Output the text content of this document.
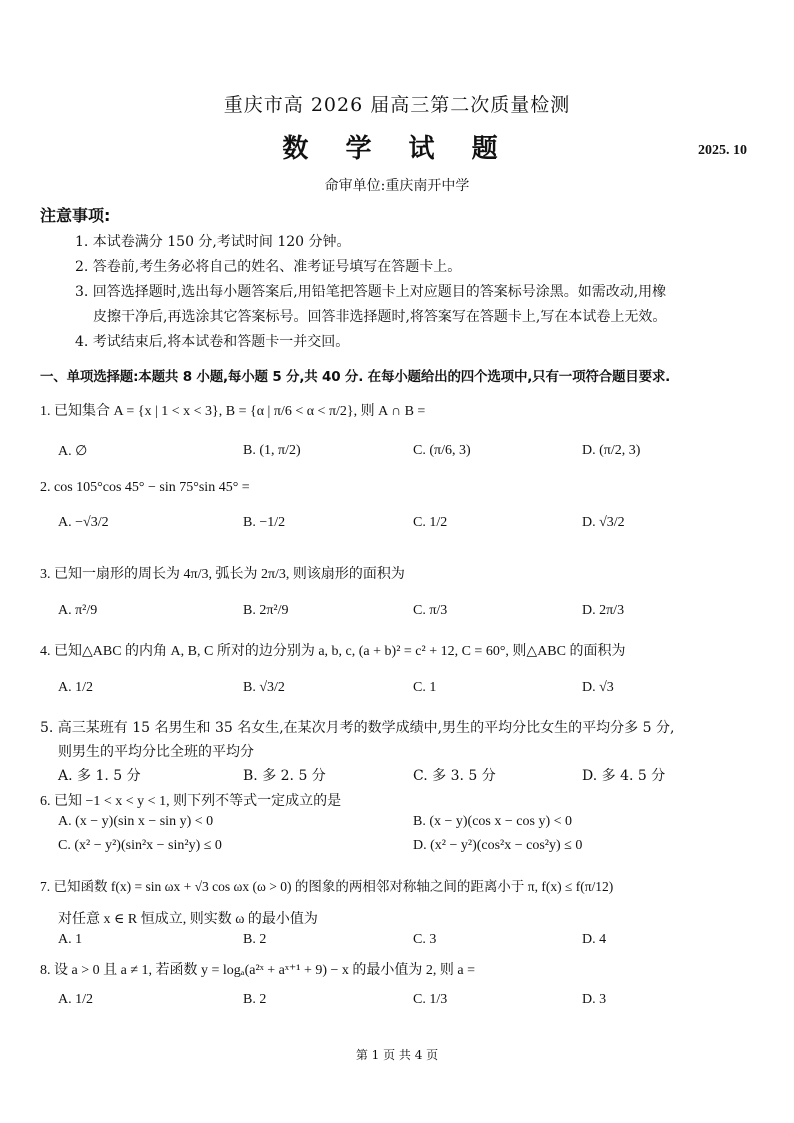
重庆市高 2026 届高三第二次质量检测
数 学 试 题	2025. 10
命审单位:重庆南开中学
注意事项:
1. 本试卷满分 150 分,考试时间 120 分钟。
2. 答卷前,考生务必将自己的姓名、准考证号填写在答题卡上。
3. 回答选择题时,选出每小题答案后,用铅笔把答题卡上对应题目的答案标号涂黑。如需改动,用橡
皮擦干净后,再选涂其它答案标号。回答非选择题时,将答案写在答题卡上,写在本试卷上无效。
4. 考试结束后,将本试卷和答题卡一并交回。
一、单项选择题:本题共 8 小题,每小题 5 分,共 40 分. 在每小题给出的四个选项中,只有一项符合题目要求.
1. 已知集合 A = {x | 1 < x < 3}, B = {α | π/6 < α < π/2}, 则 A ∩ B =
A. ∅	B. (1, π/2)	C. (π/6, 3)	D. (π/2, 3)
2. cos 105°cos 45° − sin 75°sin 45° =
A. −√3/2	B. −1/2	C. 1/2	D. √3/2
3. 已知一扇形的周长为 4π/3, 弧长为 2π/3, 则该扇形的面积为
A. π²/9	B. 2π²/9	C. π/3	D. 2π/3
4. 已知△ABC 的内角 A, B, C 所对的边分别为 a, b, c, (a + b)² = c² + 12, C = 60°, 则△ABC 的面积为
A. 1/2	B. √3/2	C. 1	D. √3
5. 高三某班有 15 名男生和 35 名女生,在某次月考的数学成绩中,男生的平均分比女生的平均分多 5 分,
则男生的平均分比全班的平均分
A. 多 1. 5 分	B. 多 2. 5 分	C. 多 3. 5 分	D. 多 4. 5 分
6. 已知 −1 < x < y < 1, 则下列不等式一定成立的是
A. (x − y)(sin x − sin y) < 0	B. (x − y)(cos x − cos y) < 0
C. (x² − y²)(sin²x − sin²y) ≤ 0	D. (x² − y²)(cos²x − cos²y) ≤ 0
7. 已知函数 f(x) = sin ωx + √3 cos ωx (ω > 0) 的图象的两相邻对称轴之间的距离小于 π, f(x) ≤ f(π/12)
对任意 x ∈ R 恒成立, 则实数 ω 的最小值为
A. 1	B. 2	C. 3	D. 4
8. 设 a > 0 且 a ≠ 1, 若函数 y = logₐ(a²ˣ + aˣ⁺¹ + 9) − x 的最小值为 2, 则 a =
A. 1/2	B. 2	C. 1/3	D. 3
第 1 页 共 4 页
